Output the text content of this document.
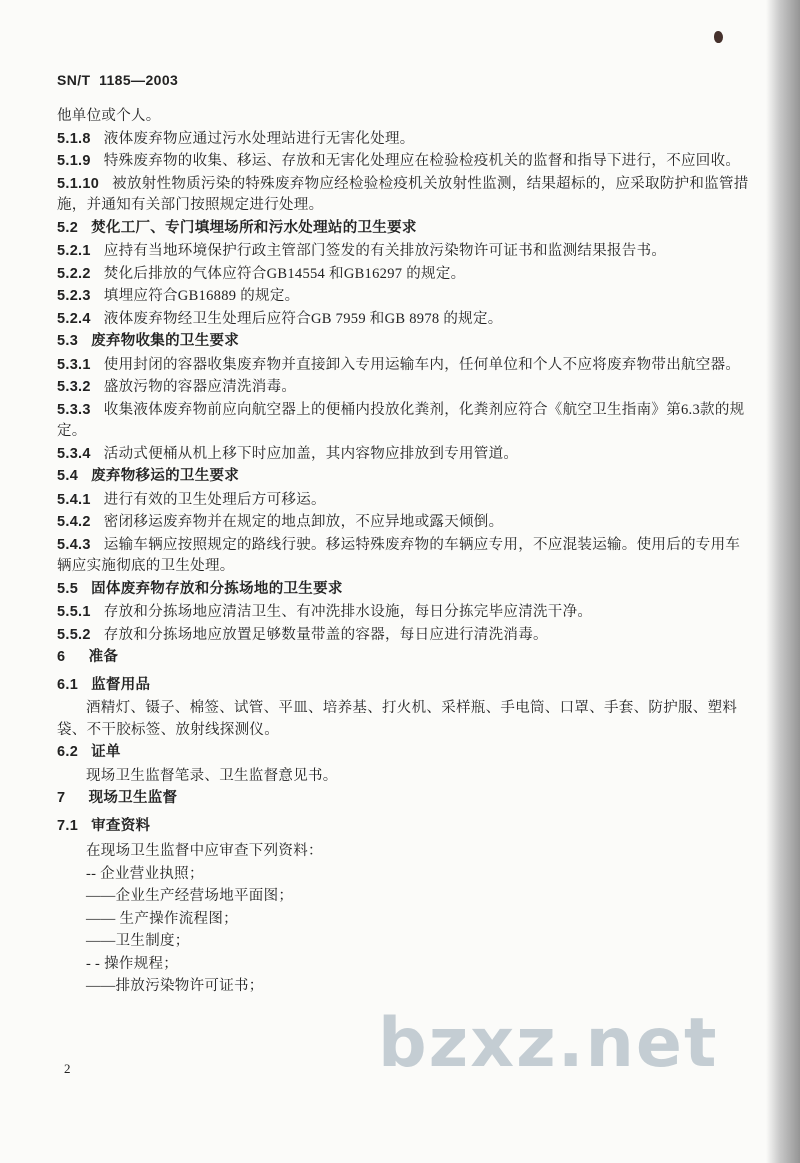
SN/T  1185—2003

他单位或个人。

5.1.8 液体废弃物应通过污水处理站进行无害化处理。

5.1.9 特殊废弃物的收集、移运、存放和无害化处理应在检验检疫机关的监督和指导下进行，不应回收。

5.1.10 被放射性物质污染的特殊废弃物应经检验检疫机关放射性监测，结果超标的，应采取防护和监管措施，并通知有关部门按照规定进行处理。

5.2 焚化工厂、专门填埋场所和污水处理站的卫生要求

5.2.1 应持有当地环境保护行政主管部门签发的有关排放污染物许可证书和监测结果报告书。

5.2.2 焚化后排放的气体应符合GB14554 和GB16297 的规定。

5.2.3 填埋应符合GB16889 的规定。

5.2.4 液体废弃物经卫生处理后应符合GB 7959 和GB 8978 的规定。

5.3 废弃物收集的卫生要求

5.3.1 使用封闭的容器收集废弃物并直接卸入专用运输车内，任何单位和个人不应将废弃物带出航空器。

5.3.2 盛放污物的容器应清洗消毒。

5.3.3 收集液体废弃物前应向航空器上的便桶内投放化粪剂，化粪剂应符合《航空卫生指南》第6.3款的规定。

5.3.4 活动式便桶从机上移下时应加盖，其内容物应排放到专用管道。

5.4 废弃物移运的卫生要求

5.4.1 进行有效的卫生处理后方可移运。

5.4.2 密闭移运废弃物并在规定的地点卸放，不应异地或露天倾倒。

5.4.3 运输车辆应按照规定的路线行驶。移运特殊废弃物的车辆应专用，不应混装运输。使用后的专用车辆应实施彻底的卫生处理。

5.5 固体废弃物存放和分拣场地的卫生要求

5.5.1 存放和分拣场地应清洁卫生、有冲洗排水设施，每日分拣完毕应清洗干净。

5.5.2 存放和分拣场地应放置足够数量带盖的容器，每日应进行清洗消毒。

6 准备

6.1 监督用品

酒精灯、镊子、棉签、试管、平皿、培养基、打火机、采样瓶、手电筒、口罩、手套、防护服、塑料袋、不干胶标签、放射线探测仪。

6.2 证单

现场卫生监督笔录、卫生监督意见书。

7 现场卫生监督

7.1 审查资料

在现场卫生监督中应审查下列资料：

-- 企业营业执照；

——企业生产经营场地平面图；

—— 生产操作流程图；

——卫生制度；

- - 操作规程；

——排放污染物许可证书；

bzxz.net
2
